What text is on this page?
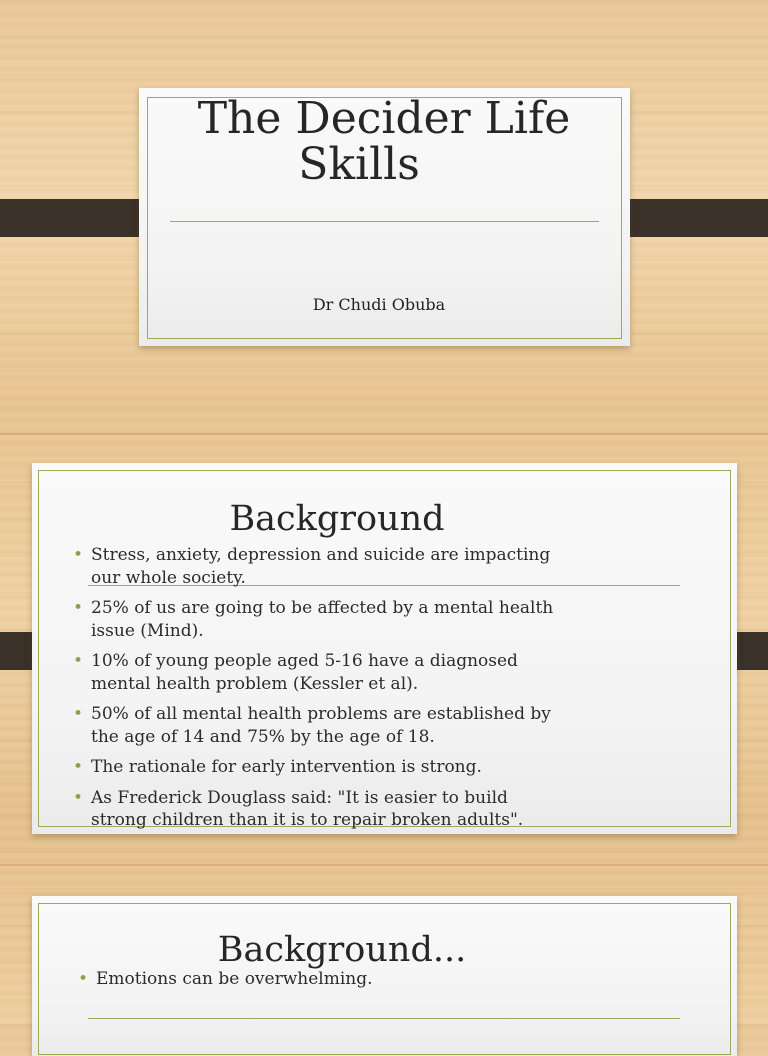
The Decider Life
Skills
Dr Chudi Obuba
Background
• Stress, anxiety, depression and suicide are impacting
our whole society.
• 25% of us are going to be affected by a mental health
issue (Mind).
• 10% of young people aged 5-16 have a diagnosed
mental health problem (Kessler et al).
• 50% of all mental health problems are established by
the age of 14 and 75% by the age of 18.
• The rationale for early intervention is strong.
• As Frederick Douglass said: "It is easier to build
strong children than it is to repair broken adults".
Background...
• Emotions can be overwhelming.
